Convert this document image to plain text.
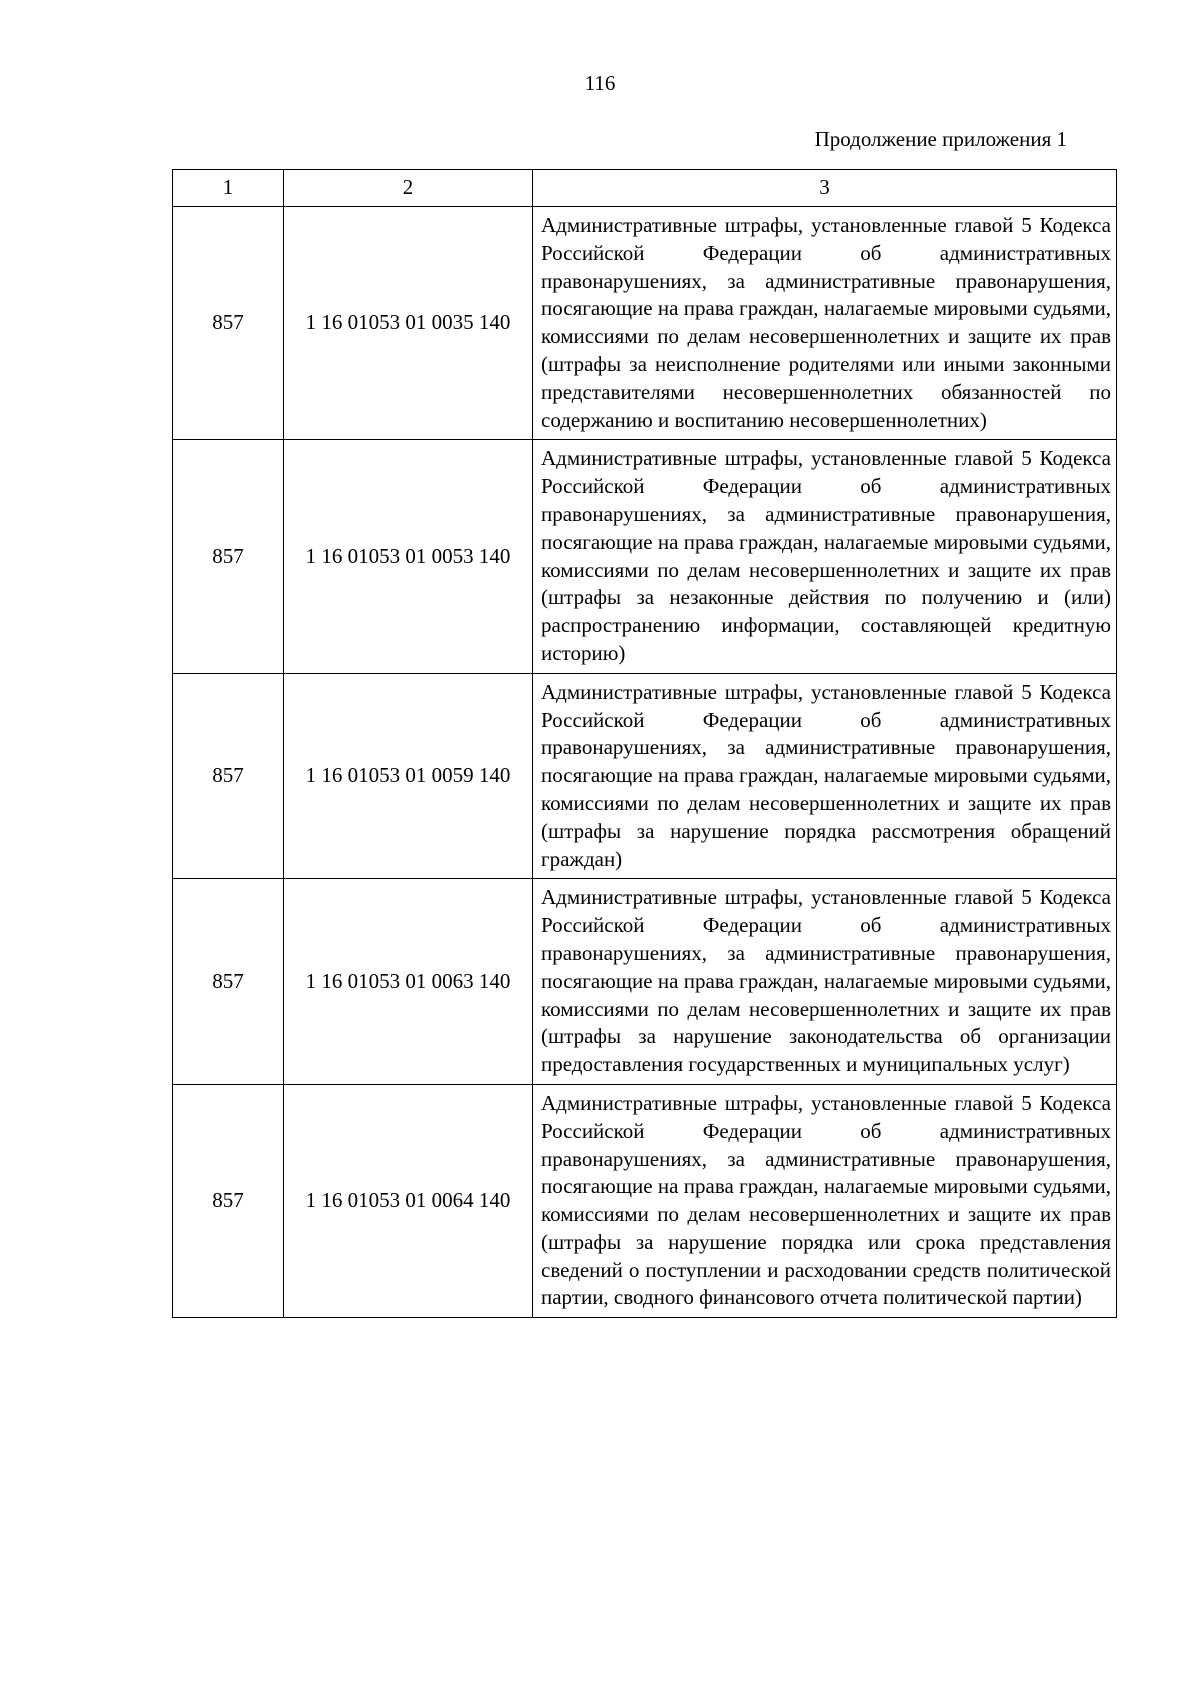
116
Продолжение приложения 1
1	2	3
857	1 16 01053 01 0035 140	Административные штрафы, установленные главой 5 Кодекса Российской Федерации об административных правонарушениях, за административные правонарушения, посягающие на права граждан, налагаемые мировыми судьями, комиссиями по делам несовершеннолетних и защите их прав (штрафы за неисполнение родителями или иными законными представителями несовершеннолетних обязанностей по содержанию и воспитанию несовершеннолетних)
857	1 16 01053 01 0053 140	Административные штрафы, установленные главой 5 Кодекса Российской Федерации об административных правонарушениях, за административные правонарушения, посягающие на права граждан, налагаемые мировыми судьями, комиссиями по делам несовершеннолетних и защите их прав (штрафы за незаконные действия по получению и (или) распространению информации, составляющей кредитную историю)
857	1 16 01053 01 0059 140	Административные штрафы, установленные главой 5 Кодекса Российской Федерации об административных правонарушениях, за административные правонарушения, посягающие на права граждан, налагаемые мировыми судьями, комиссиями по делам несовершеннолетних и защите их прав (штрафы за нарушение порядка рассмотрения обращений граждан)
857	1 16 01053 01 0063 140	Административные штрафы, установленные главой 5 Кодекса Российской Федерации об административных правонарушениях, за административные правонарушения, посягающие на права граждан, налагаемые мировыми судьями, комиссиями по делам несовершеннолетних и защите их прав (штрафы за нарушение законодательства об организации предоставления государственных и муниципальных услуг)
857	1 16 01053 01 0064 140	Административные штрафы, установленные главой 5 Кодекса Российской Федерации об административных правонарушениях, за административные правонарушения, посягающие на права граждан, налагаемые мировыми судьями, комиссиями по делам несовершеннолетних и защите их прав (штрафы за нарушение порядка или срока представления сведений о поступлении и расходовании средств политической партии, сводного финансового отчета политической партии)
